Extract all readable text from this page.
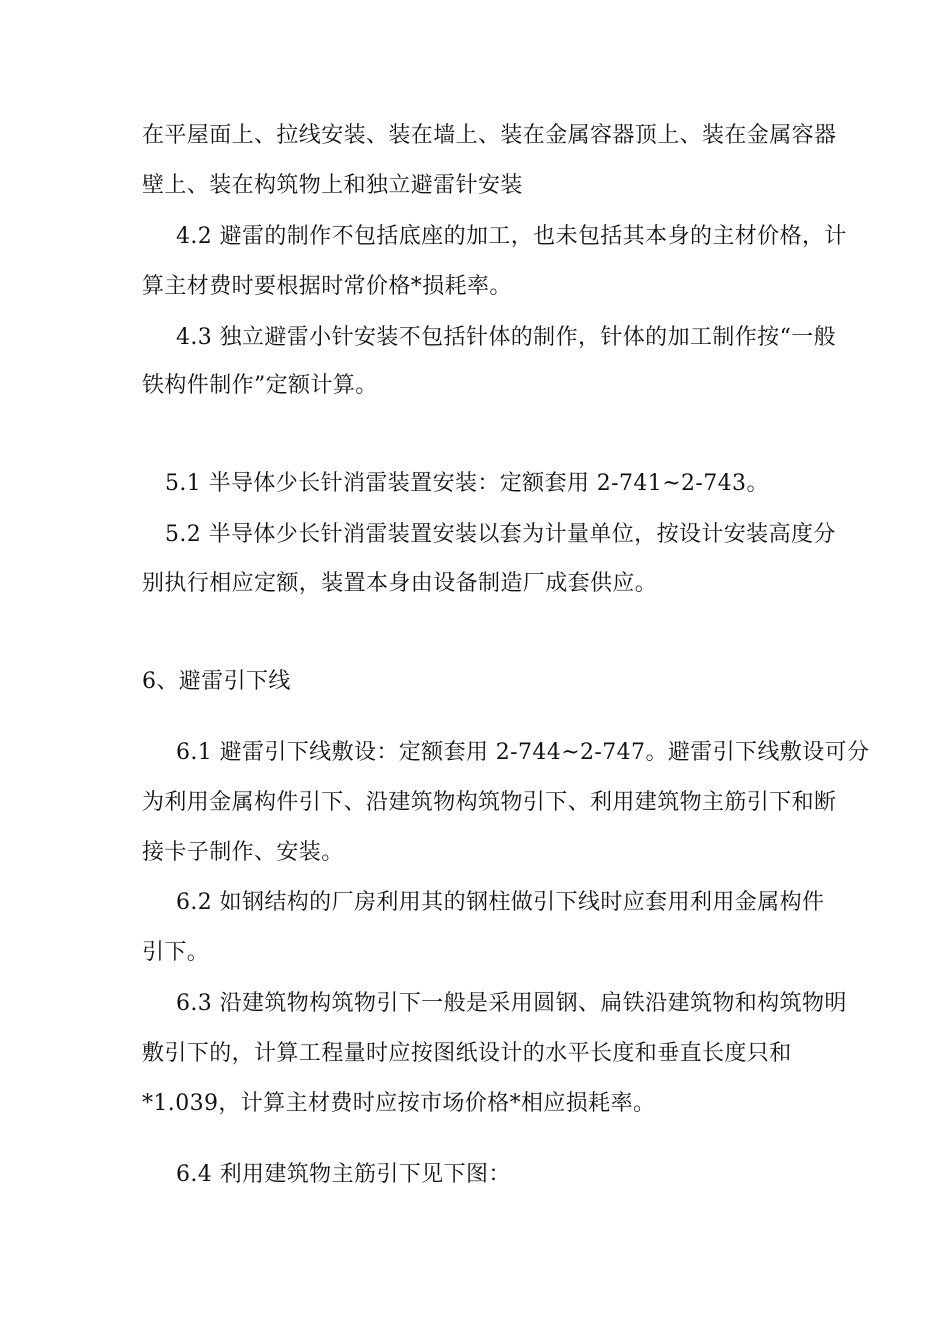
在平屋面上、拉线安装、装在墙上、装在金属容器顶上、装在金属容器
壁上、装在构筑物上和独立避雷针安装
4.2 避雷的制作不包括底座的加工，也未包括其本身的主材价格，计
算主材费时要根据时常价格*损耗率。
4.3 独立避雷小针安装不包括针体的制作，针体的加工制作按“一般
铁构件制作”定额计算。
5.1 半导体少长针消雷装置安装：定额套用 2-741~2-743。
5.2 半导体少长针消雷装置安装以套为计量单位，按设计安装高度分
别执行相应定额，装置本身由设备制造厂成套供应。
6、避雷引下线
6.1 避雷引下线敷设：定额套用 2-744~2-747。避雷引下线敷设可分
为利用金属构件引下、沿建筑物构筑物引下、利用建筑物主筋引下和断
接卡子制作、安装。
6.2 如钢结构的厂房利用其的钢柱做引下线时应套用利用金属构件
引下。
6.3 沿建筑物构筑物引下一般是采用圆钢、扁铁沿建筑物和构筑物明
敷引下的，计算工程量时应按图纸设计的水平长度和垂直长度只和
*1.039，计算主材费时应按市场价格*相应损耗率。
6.4 利用建筑物主筋引下见下图：
